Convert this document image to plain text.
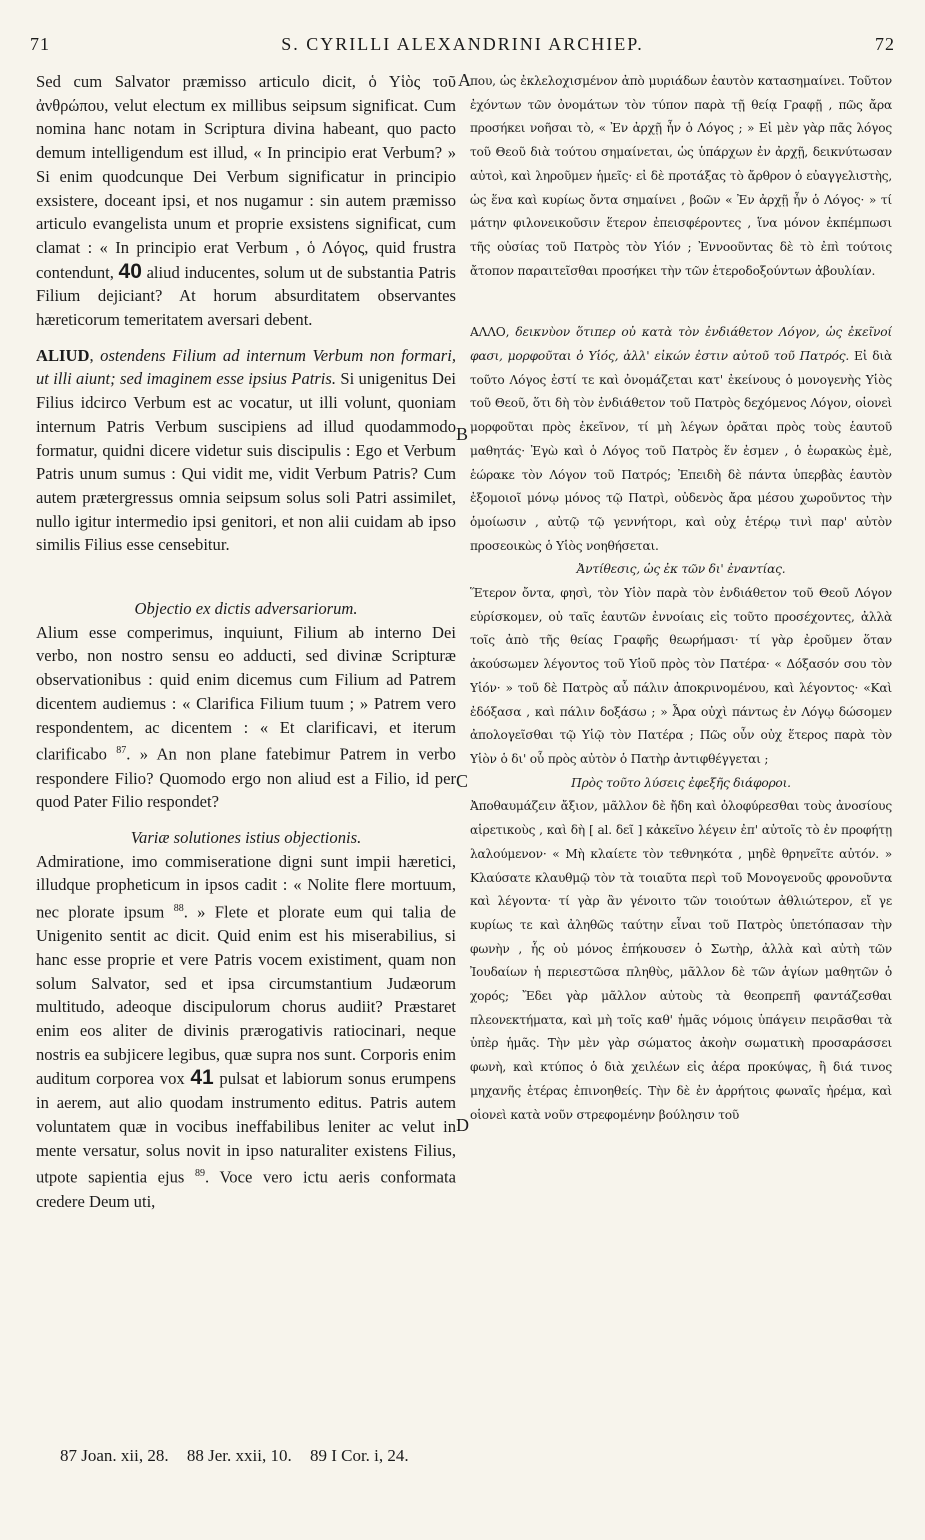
71	S. CYRILLI ALEXANDRINI ARCHIEP.	72
A
B
C
D

Sed cum Salvator præmisso articulo dicit, ὁ Υἱὸς τοῦ ἀνθρώπου, velut electum ex millibus seipsum significat. Cum nomina hanc notam in Scriptura divina habeant, quo pacto demum intelligendum est illud, « In principio erat Verbum? » Si enim quodcunque Dei Verbum significatur in principio exsistere, doceant ipsi, et nos nugamur : sin autem præmisso articulo evangelista unum et proprie exsistens significat, cum clamat : « In principio erat Verbum , ὁ Λόγος, quid frustra contendunt, 40 aliud inducentes, solum ut de substantia Patris Filium dejiciant? At horum absurditatem observantes hæreticorum temeritatem aversari debent.

ALIUD, ostendens Filium ad internum Verbum non formari, ut illi aiunt; sed imaginem esse ipsius Patris. Si unigenitus Dei Filius idcirco Verbum est ac vocatur, ut illi volunt, quoniam internum Patris Verbum suscipiens ad illud quodammodo formatur, quidni dicere videtur suis discipulis : Ego et Verbum Patris unum sumus : Qui vidit me, vidit Verbum Patris? Cum autem prætergressus omnia seipsum solus soli Patri assimilet, nullo igitur intermedio ipsi genitori, et non alii cuidam ab ipso similis Filius esse censebitur.

Objectio ex dictis adversariorum.

Alium esse comperimus, inquiunt, Filium ab interno Dei verbo, non nostro sensu eo adducti, sed divinæ Scripturæ observationibus : quid enim dicemus cum Filium ad Patrem dicentem audiemus : « Clarifica Filium tuum ; » Patrem vero respondentem, ac dicentem : « Et clarificavi, et iterum clarificabo $^{87}$. » An non plane fatebimur Patrem in verbo respondere Filio? Quomodo ergo non aliud est a Filio, id per quod Pater Filio respondet?

Variæ solutiones istius objectionis.

Admiratione, imo commiseratione digni sunt impii hæretici, illudque propheticum in ipsos cadit : « Nolite flere mortuum, nec plorate ipsum $^{88}$. » Flete et plorate eum qui talia de Unigenito sentit ac dicit. Quid enim est his miserabilius, si hanc esse proprie et vere Patris vocem existiment, quam non solum Salvator, sed et ipsa circumstantium Judæorum multitudo, adeoque discipulorum chorus audiit? Præstaret enim eos aliter de divinis prærogativis ratiocinari, neque nostris ea subjicere legibus, quæ supra nos sunt. Corporis enim auditum corporea vox 41 pulsat et labiorum sonus erumpens in aerem, aut alio quodam instrumento editus. Patris autem voluntatem quæ in vocibus ineffabilibus leniter ac velut in mente versatur, solus novit in ipso naturaliter existens Filius, utpote sapientia ejus $^{89}$. Voce vero ictu aeris conformata credere Deum uti,

που, ὡς ἐκλελοχισμένον ἀπὸ μυριάδων ἑαυτὸν κατασημαίνει. Τοῦτον ἐχόντων τῶν ὀνομάτων τὸν τύπον παρὰ τῇ θείᾳ Γραφῇ , πῶς ἄρα προσήκει νοῆσαι τὸ, « Ἐν ἀρχῇ ἦν ὁ Λόγος ; » Εἰ μὲν γὰρ πᾶς λόγος τοῦ Θεοῦ διὰ τούτου σημαίνεται, ὡς ὑπάρχων ἐν ἀρχῇ, δεικνύτωσαν αὐτοὶ, καὶ ληροῦμεν ἡμεῖς· εἰ δὲ προτάξας τὸ ἄρθρον ὁ εὐαγγελιστὴς, ὡς ἕνα καὶ κυρίως ὄντα σημαίνει , βοῶν « Ἐν ἀρχῇ ἦν ὁ Λόγος· » τί μάτην φιλονεικοῦσιν ἕτερον ἐπεισφέροντες , ἵνα μόνον ἐκπέμπωσι τῆς οὐσίας τοῦ Πατρὸς τὸν Υἱόν ; Ἐννοοῦντας δὲ τὸ ἐπὶ τούτοις ἄτοπον παραιτεῖσθαι προσήκει τὴν τῶν ἑτεροδοξούντων ἀβουλίαν.

ΑΛΛΟ, δεικνὺον ὅτιπερ οὐ κατὰ τὸν ἐνδιάθετον Λόγον, ὡς ἐκεῖνοί φασι, μορφοῦται ὁ Υἱός, ἀλλ' εἰκών ἐστιν αὐτοῦ τοῦ Πατρός. Εἰ διὰ τοῦτο Λόγος ἐστί τε καὶ ὀνομάζεται κατ' ἐκείνους ὁ μονογενὴς Υἱὸς τοῦ Θεοῦ, ὅτι δὴ τὸν ἐνδιάθετον τοῦ Πατρὸς δεχόμενος Λόγον, οἱονεὶ μορφοῦται πρὸς ἐκεῖνον, τί μὴ λέγων ὁρᾶται πρὸς τοὺς ἑαυτοῦ μαθητάς· Ἐγὼ καὶ ὁ Λόγος τοῦ Πατρὸς ἕν ἐσμεν , ὁ ἑωρακὼς ἐμὲ, ἑώρακε τὸν Λόγον τοῦ Πατρός; Ἐπειδὴ δὲ πάντα ὑπερβὰς ἑαυτὸν ἐξομοιοῖ μόνῳ μόνος τῷ Πατρὶ, οὐδενὸς ἄρα μέσου χωροῦντος τὴν ὁμοίωσιν , αὐτῷ τῷ γεννήτορι, καὶ οὐχ ἑτέρῳ τινὶ παρ' αὐτὸν προσεοικὼς ὁ Υἱὸς νοηθήσεται.

Ἀντίθεσις, ὡς ἐκ τῶν δι' ἐναντίας.

Ἕτερον ὄντα, φησὶ, τὸν Υἱὸν παρὰ τὸν ἐνδιάθετον τοῦ Θεοῦ Λόγον εὑρίσκομεν, οὐ ταῖς ἑαυτῶν ἐννοίαις εἰς τοῦτο προσέχοντες, ἀλλὰ τοῖς ἀπὸ τῆς θείας Γραφῆς θεωρήμασι· τί γὰρ ἐροῦμεν ὅταν ἀκούσωμεν λέγοντος τοῦ Υἱοῦ πρὸς τὸν Πατέρα· « Δόξασόν σου τὸν Υἱόν· » τοῦ δὲ Πατρὸς αὖ πάλιν ἀποκρινομένου, καὶ λέγοντος· «Καὶ ἐδόξασα , καὶ πάλιν δοξάσω ; » Ἆρα οὐχὶ πάντως ἐν Λόγῳ δώσομεν ἀπολογεῖσθαι τῷ Υἱῷ τὸν Πατέρα ; Πῶς οὖν οὐχ ἕτερος παρὰ τὸν Υἱὸν ὁ δι' οὗ πρὸς αὐτὸν ὁ Πατὴρ ἀντιφθέγγεται ;

Πρὸς τοῦτο λύσεις ἐφεξῆς διάφοροι.

Ἀποθαυμάζειν ἄξιον, μᾶλλον δὲ ἤδη καὶ ὀλοφύρεσθαι τοὺς ἀνοσίους αἱρετικοὺς , καὶ δὴ [ al. δεῖ ] κἀκεῖνο λέγειν ἐπ' αὐτοῖς τὸ ἐν προφήτῃ λαλούμενον· « Μὴ κλαίετε τὸν τεθνηκότα , μηδὲ θρηνεῖτε αὐτόν. » Κλαύσατε κλαυθμῷ τὸν τὰ τοιαῦτα περὶ τοῦ Μονογενοῦς φρονοῦντα καὶ λέγοντα· τί γὰρ ἂν γένοιτο τῶν τοιούτων ἀθλιώτερον, εἴ γε κυρίως τε καὶ ἀληθῶς ταύτην εἶναι τοῦ Πατρὸς ὑπετόπασαν τὴν φωνὴν , ἧς οὐ μόνος ἐπήκουσεν ὁ Σωτὴρ, ἀλλὰ καὶ αὐτὴ τῶν Ἰουδαίων ἡ περιεστῶσα πληθὺς, μᾶλλον δὲ τῶν ἁγίων μαθητῶν ὁ χορός; Ἔδει γὰρ μᾶλλον αὐτοὺς τὰ θεοπρεπῆ φαντάζεσθαι πλεονεκτήματα, καὶ μὴ τοῖς καθ' ἡμᾶς νόμοις ὑπάγειν πειρᾶσθαι τὰ ὑπὲρ ἡμᾶς. Τὴν μὲν γὰρ σώματος ἀκοὴν σωματικὴ προσαράσσει φωνὴ, καὶ κτύπος ὁ διὰ χειλέων εἰς ἀέρα προκύψας, ἢ διά τινος μηχανῆς ἑτέρας ἐπινοηθείς. Τὴν δὲ ἐν ἀρρήτοις φωναῖς ἠρέμα, καὶ οἱονεὶ κατὰ νοῦν στρεφομένην βούλησιν τοῦ

87 Joan. xii, 28. 88 Jer. xxii, 10. 89 I Cor. i, 24.
